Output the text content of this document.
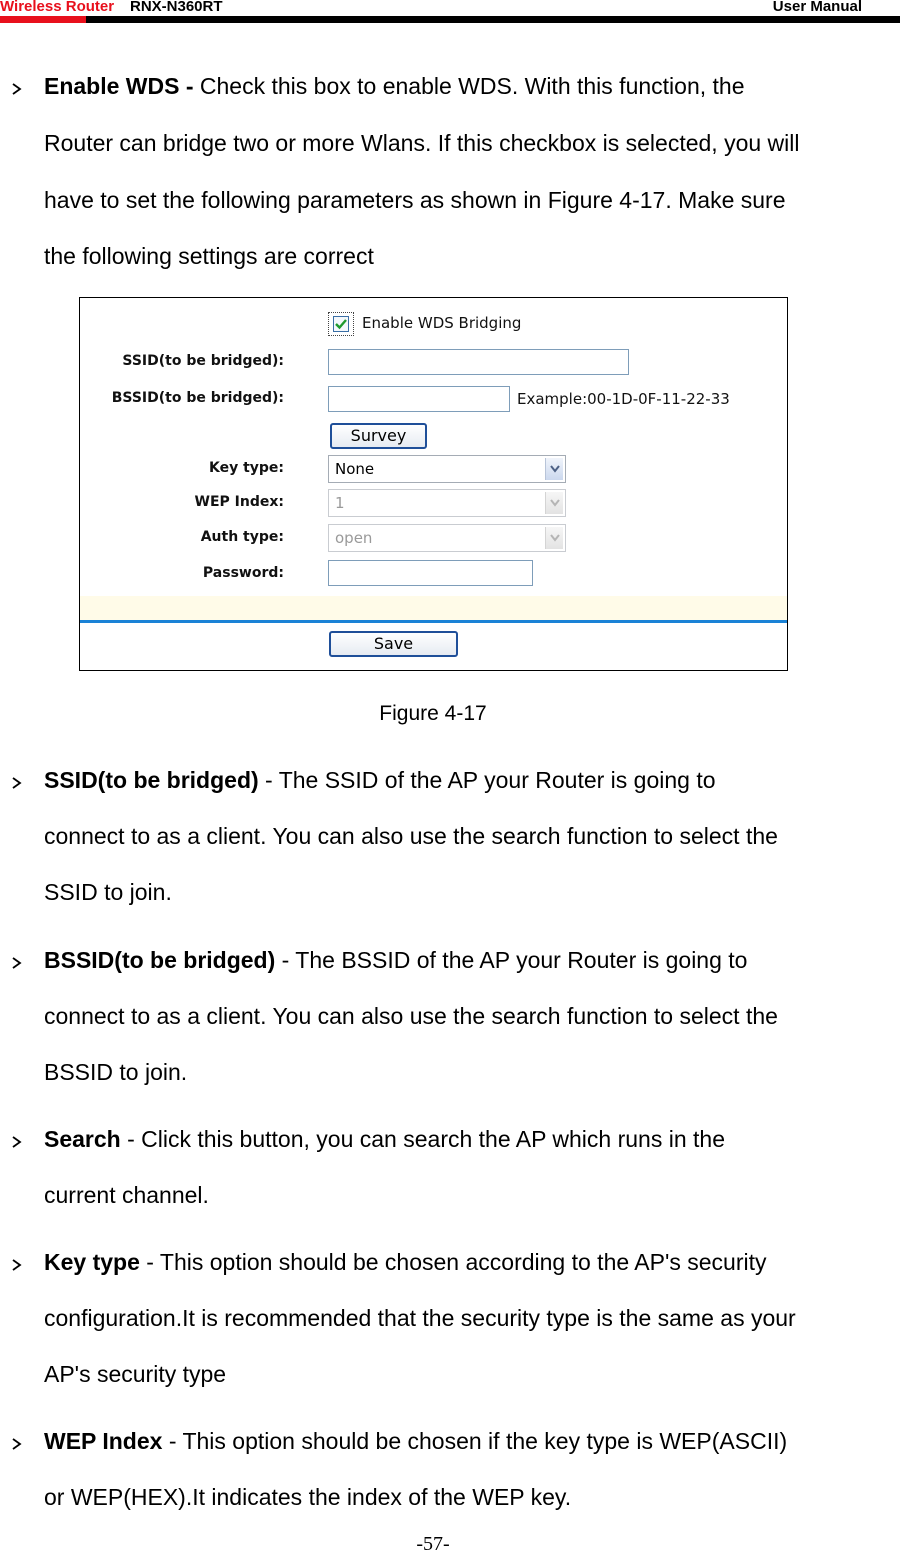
Wireless Router RNX-N360RT	User Manual
Enable WDS - Check this box to enable WDS. With this function, the
Router can bridge two or more Wlans. If this checkbox is selected, you will
have to set the following parameters as shown in Figure 4-17. Make sure
the following settings are correct
Enable WDS Bridging
SSID(to be bridged):
BSSID(to be bridged):	Example:00-1D-0F-11-22-33
Survey
Key type:	None
WEP Index:	1
Auth type:	open
Password:
Save
Figure 4-17
SSID(to be bridged) - The SSID of the AP your Router is going to
connect to as a client. You can also use the search function to select the
SSID to join.
BSSID(to be bridged) - The BSSID of the AP your Router is going to
connect to as a client. You can also use the search function to select the
BSSID to join.
Search - Click this button, you can search the AP which runs in the
current channel.
Key type - This option should be chosen according to the AP's security
configuration.It is recommended that the security type is the same as your
AP's security type
WEP Index - This option should be chosen if the key type is WEP(ASCII)
or WEP(HEX).It indicates the index of the WEP key.
-57-
